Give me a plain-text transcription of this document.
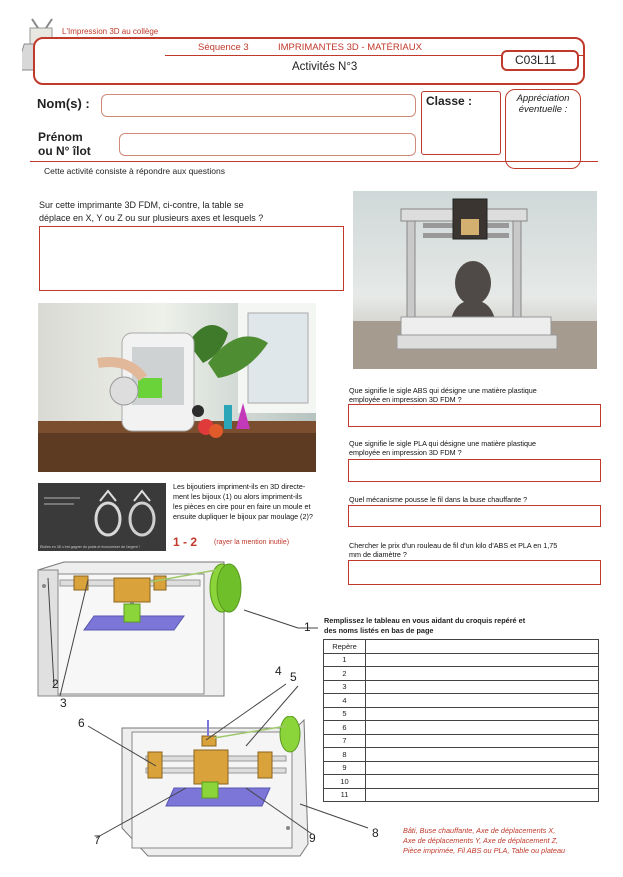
L'Impression 3D au collège
Séquence 3	IMPRIMANTES 3D - MATÉRIAUX
Activités N°3	C03L11
Nom(s) :
Prénom
ou N° îlot
Classe :	Appréciation
éventuelle :
Cette activité consiste à répondre aux questions
Sur cette imprimante 3D FDM, ci-contre, la table se
déplace en X, Y ou Z ou sur plusieurs axes et lesquels ?
Que signifie le sigle ABS qui désigne une matière plastique
employée en impression 3D FDM ?
Que signifie le sigle PLA qui désigne une matière plastique
employée en impression 3D FDM ?
Quel mécanisme pousse le fil dans la buse chauffante ?
Chercher le prix d'un rouleau de fil d'un kilo d'ABS et PLA en 1,75
mm de diamètre ?
Étoiles en 3D c'est gagner du poids et économiser de l'argent !
Les bijoutiers impriment-ils en 3D directe-
ment les bijoux (1) ou alors impriment-ils
les pièces en cire pour en faire un moule et
ensuite dupliquer le bijoux par moulage (2)?
1 - 2 (rayer la mention inutile)
1
2
3
4 5
6
7	8
9
Remplissez le tableau en vous aidant du croquis repéré et
des noms listés en bas de page
Repère	
1	
2	
3	
4	
5	
6	
7	
8	
9	
10	
11	
Bâti, Buse chauffante, Axe de déplacements X,
Axe de déplacements Y, Axe de déplacement Z,
Pièce imprimée, Fil ABS ou PLA, Table ou plateau
